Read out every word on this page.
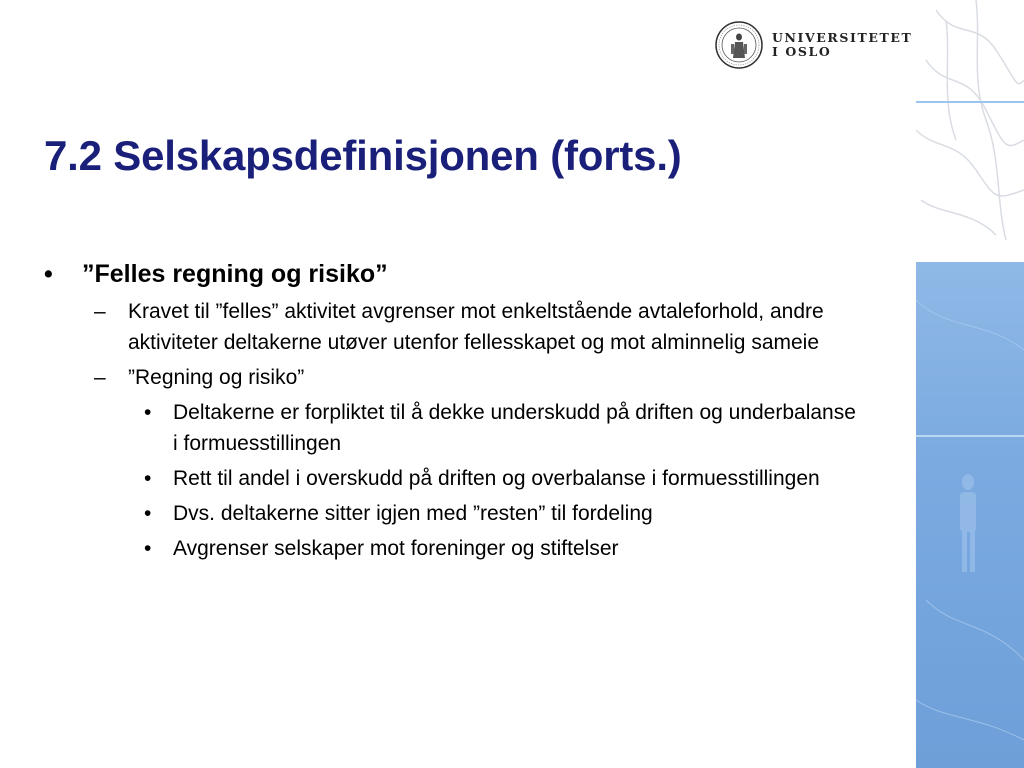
UNIVERSITETET
I OSLO
7.2 Selskapsdefinisjonen (forts.)
•	”Felles regning og risiko”
– Kravet til ”felles” aktivitet avgrenser mot enkeltstående avtaleforhold, andre aktiviteter deltakerne utøver utenfor fellesskapet og mot alminnelig sameie
– ”Regning og risiko”
• Deltakerne er forpliktet til å dekke underskudd på driften og underbalanse i formuesstillingen
• Rett til andel i overskudd på driften og overbalanse i formuesstillingen
• Dvs. deltakerne sitter igjen med ”resten” til fordeling
• Avgrenser selskaper mot foreninger og stiftelser
